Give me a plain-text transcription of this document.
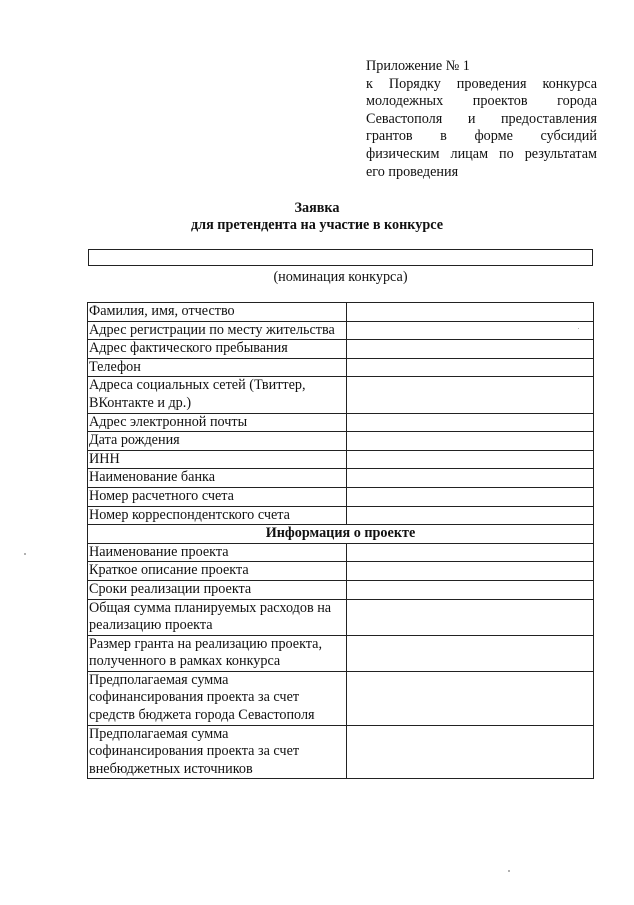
Приложение № 1
к Порядку проведения конкурса молодежных проектов города Севастополя и предоставления грантов в форме субсидий физическим лицам по результатам его проведения
Заявка
для претендента на участие в конкурсе
(номинация конкурса)
Фамилия, имя, отчество	
Адрес регистрации по месту жительства	
Адрес фактического пребывания	
Телефон	
Адреса социальных сетей (Твиттер, ВКонтакте и др.)	
Адрес электронной почты	
Дата рождения	
ИНН	
Наименование банка	
Номер расчетного счета	
Номер корреспондентского счета	
Информация о проекте	
Наименование проекта	
Краткое описание проекта	
Сроки реализации проекта	
Общая сумма планируемых расходов на реализацию проекта	
Размер гранта на реализацию проекта, полученного в рамках конкурса	
Предполагаемая сумма софинансирования проекта за счет средств бюджета города Севастополя	
Предполагаемая сумма софинансирования проекта за счет внебюджетных источников	
